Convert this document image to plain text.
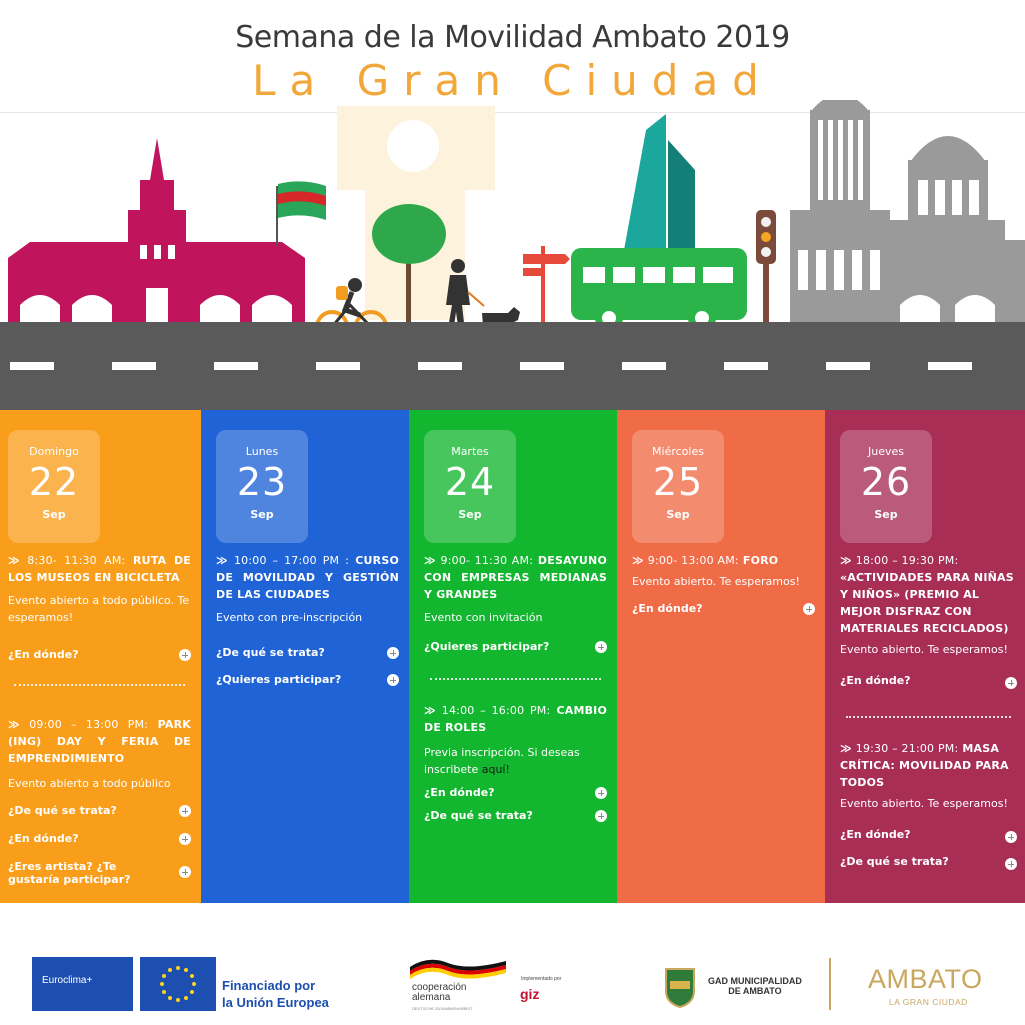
Semana de la Movilidad Ambato 2019
La Gran Ciudad
Domingo
22
Sep
≫ 8:30- 11:30 AM: RUTA DE LOS MUSEOS EN BICICLETA
Evento abierto a todo público. Te esperamos!
¿En dónde?
≫ 09:00 – 13:00 PM: PARK (ING) DAY Y FERIA DE EMPRENDIMIENTO
Evento abierto a todo público
¿De qué se trata?
¿En dónde?
¿Eres artista? ¿Te gustaría participar?
Lunes
23
Sep
≫ 10:00 – 17:00 PM : CURSO DE MOVILIDAD Y GESTIÓN DE LAS CIUDADES
Evento con pre-inscripción
¿De qué se trata?
¿Quieres participar?
Martes
24
Sep
≫ 9:00- 11:30 AM: DESAYUNO CON EMPRESAS MEDIANAS Y GRANDES
Evento con invitación
¿Quieres participar?
≫ 14:00 – 16:00 PM: CAMBIO DE ROLES
Previa inscripción. Si deseas inscribete aquí!
¿En dónde?
¿De qué se trata?
Miércoles
25
Sep
≫ 9:00- 13:00 AM: FORO
Evento abierto. Te esperamos!
¿En dónde?
Jueves
26
Sep
≫ 18:00 – 19:30 PM: «ACTIVIDADES PARA NIÑAS Y NIÑOS» (PREMIO AL MEJOR DISFRAZ CON MATERIALES RECICLADOS)
Evento abierto. Te esperamos!
¿En dónde?
≫ 19:30 – 21:00 PM: MASA CRÍTICA: MOVILIDAD PARA TODOS
Evento abierto. Te esperamos!
¿En dónde?
¿De qué se trata?
Euroclima+	Financiado por
la Unión Europea
cooperación
alemana
DEUTSCHE ZUSAMMENARBEIT
Implementado por
giz
GAD MUNICIPALIDAD
DE AMBATO	AMBATO
LA GRAN CIUDAD
